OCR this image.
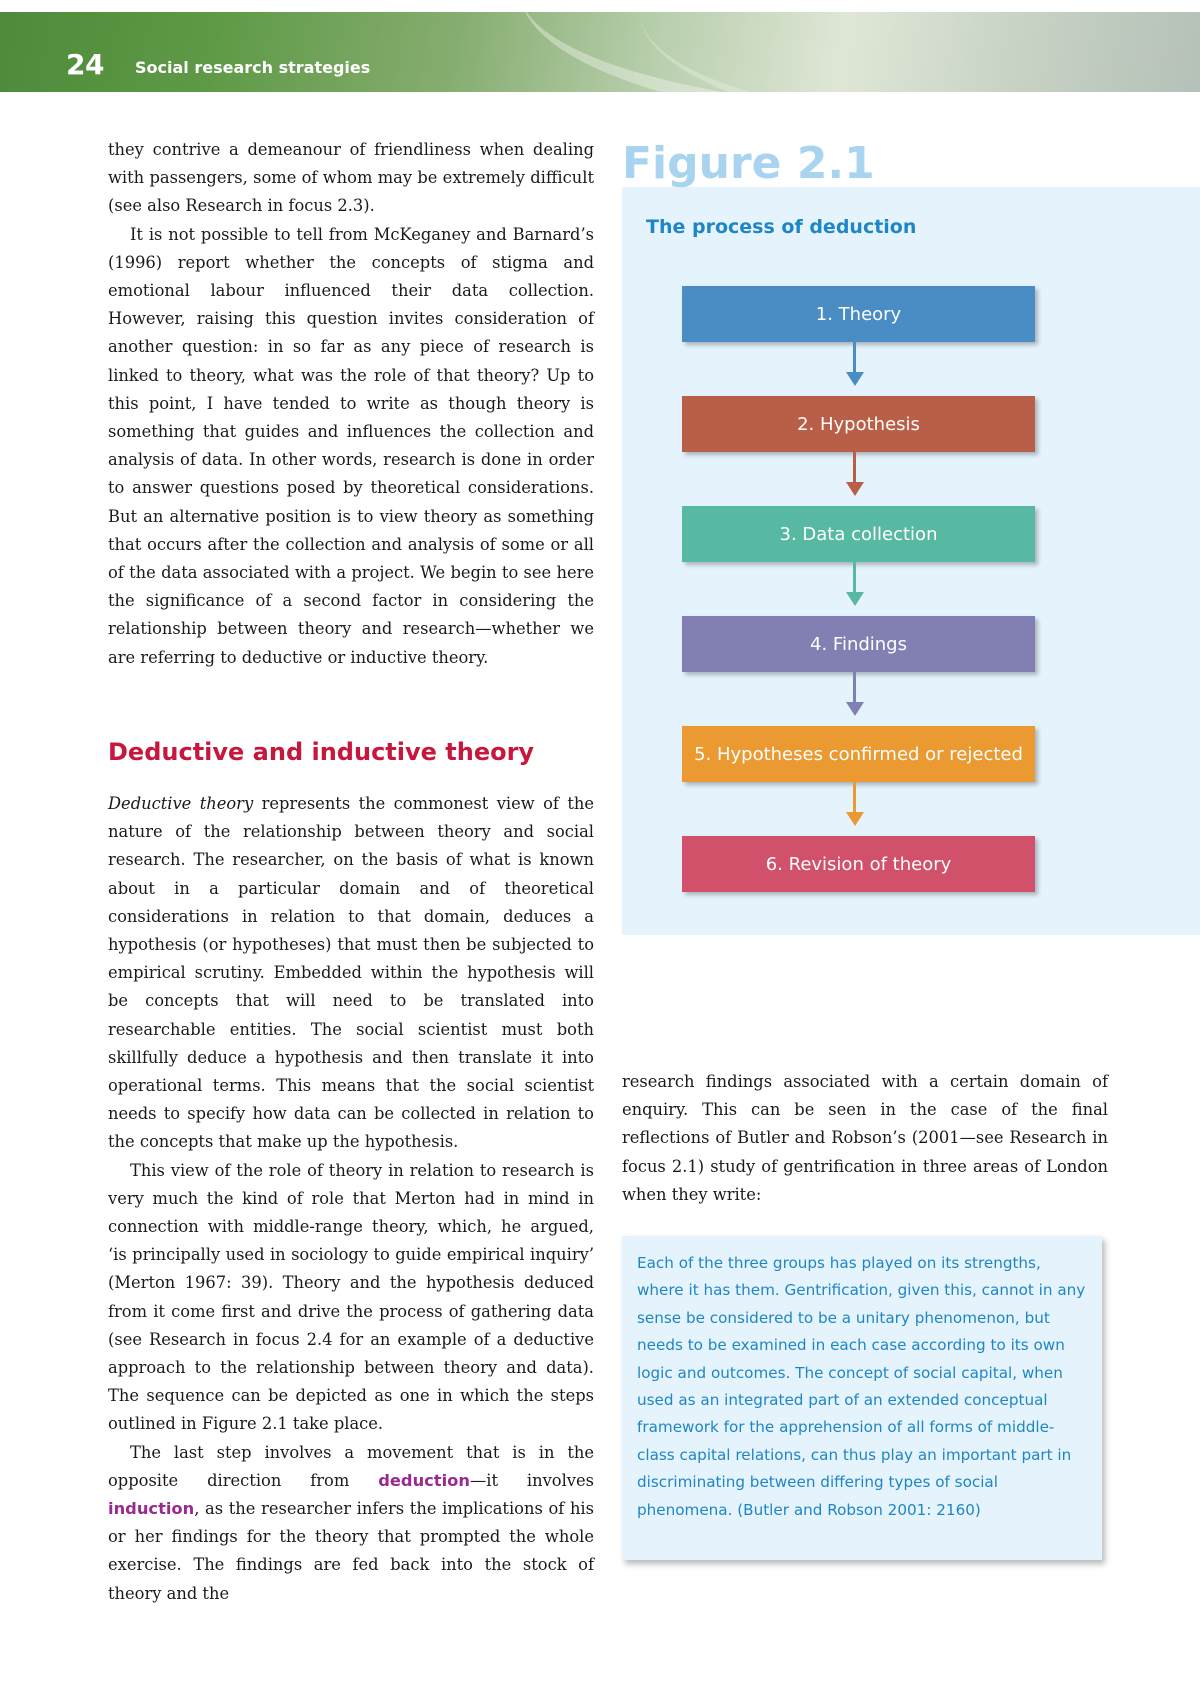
24 Social research strategies

they contrive a demeanour of friendliness when dealing with passengers, some of whom may be extremely difficult (see also Research in focus 2.3).

It is not possible to tell from McKeganey and Barnard’s (1996) report whether the concepts of stigma and emotional labour influenced their data collection. However, raising this question invites consideration of another question: in so far as any piece of research is linked to theory, what was the role of that theory? Up to this point, I have tended to write as though theory is something that guides and influences the collection and analysis of data. In other words, research is done in order to answer questions posed by theoretical considerations. But an alternative position is to view theory as something that occurs after the collection and analysis of some or all of the data associated with a project. We begin to see here the significance of a second factor in considering the relationship between theory and research—whether we are referring to deductive or inductive theory.

Deductive and inductive theory

Deductive theory represents the commonest view of the nature of the relationship between theory and social research. The researcher, on the basis of what is known about in a particular domain and of theoretical considerations in relation to that domain, deduces a hypothesis (or hypotheses) that must then be subjected to empirical scrutiny. Embedded within the hypothesis will be concepts that will need to be translated into researchable entities. The social scientist must both skillfully deduce a hypothesis and then translate it into operational terms. This means that the social scientist needs to specify how data can be collected in relation to the concepts that make up the hypothesis.

This view of the role of theory in relation to research is very much the kind of role that Merton had in mind in connection with middle-range theory, which, he argued, ‘is principally used in sociology to guide empirical inquiry’ (Merton 1967: 39). Theory and the hypothesis deduced from it come first and drive the process of gathering data (see Research in focus 2.4 for an example of a deductive approach to the relationship between theory and data). The sequence can be depicted as one in which the steps outlined in Figure 2.1 take place.

The last step involves a movement that is in the opposite direction from deduction—it involves induction, as the researcher infers the implications of his or her findings for the theory that prompted the whole exercise. The findings are fed back into the stock of theory and the

Figure 2.1
The process of deduction
1. Theory
2. Hypothesis
3. Data collection
4. Findings
5. Hypotheses confirmed or rejected
6. Revision of theory

research findings associated with a certain domain of enquiry. This can be seen in the case of the final reflections of Butler and Robson’s (2001—see Research in focus 2.1) study of gentrification in three areas of London when they write:

Each of the three groups has played on its strengths, where it has them. Gentrification, given this, cannot in any sense be considered to be a unitary phenomenon, but needs to be examined in each case according to its own logic and outcomes. The concept of social capital, when used as an integrated part of an extended conceptual framework for the apprehension of all forms of middle-class capital relations, can thus play an important part in discriminating between differing types of social phenomena. (Butler and Robson 2001: 2160)
